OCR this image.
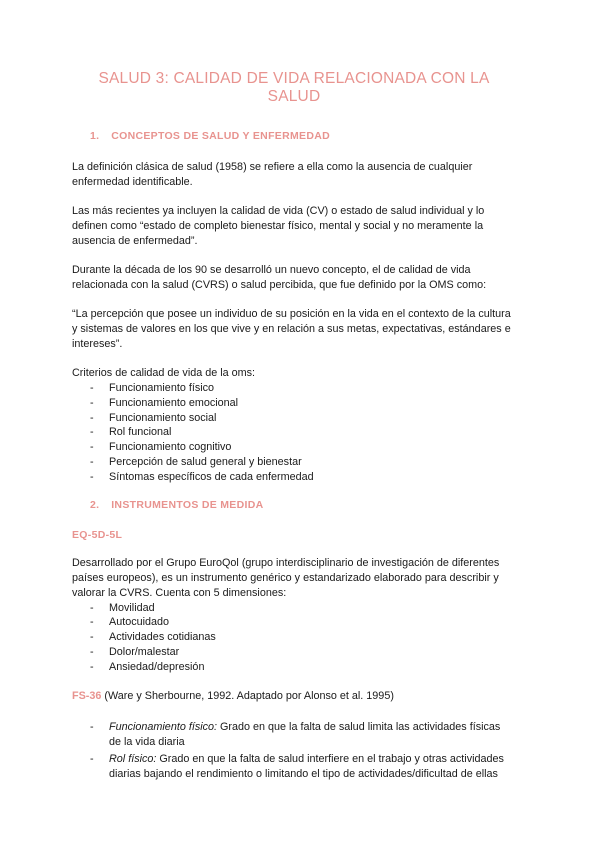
SALUD 3: CALIDAD DE VIDA RELACIONADA CON LA SALUD
1. CONCEPTOS DE SALUD Y ENFERMEDAD

La definición clásica de salud (1958) se refiere a ella como la ausencia de cualquier enfermedad identificable.

Las más recientes ya incluyen la calidad de vida (CV) o estado de salud individual y lo definen como “estado de completo bienestar físico, mental y social y no meramente la ausencia de enfermedad”.

Durante la década de los 90 se desarrolló un nuevo concepto, el de calidad de vida relacionada con la salud (CVRS) o salud percibida, que fue definido por la OMS como:

“La percepción que posee un individuo de su posición en la vida en el contexto de la cultura y sistemas de valores en los que vive y en relación a sus metas, expectativas, estándares e intereses”.

Criterios de calidad de vida de la oms:

- Funcionamiento físico
- Funcionamiento emocional
- Funcionamiento social
- Rol funcional
- Funcionamiento cognitivo
- Percepción de salud general y bienestar
- Síntomas específicos de cada enfermedad
2. INSTRUMENTOS DE MEDIDA
EQ-5D-5L

Desarrollado por el Grupo EuroQol (grupo interdisciplinario de investigación de diferentes países europeos), es un instrumento genérico y estandarizado elaborado para describir y valorar la CVRS. Cuenta con 5 dimensiones:

- Movilidad
- Autocuidado
- Actividades cotidianas
- Dolor/malestar
- Ansiedad/depresión

FS-36 (Ware y Sherbourne, 1992. Adaptado por Alonso et al. 1995)

- Funcionamiento físico: Grado en que la falta de salud limita las actividades físicas de la vida diaria
- Rol físico: Grado en que la falta de salud interfiere en el trabajo y otras actividades diarias bajando el rendimiento o limitando el tipo de actividades/dificultad de ellas
